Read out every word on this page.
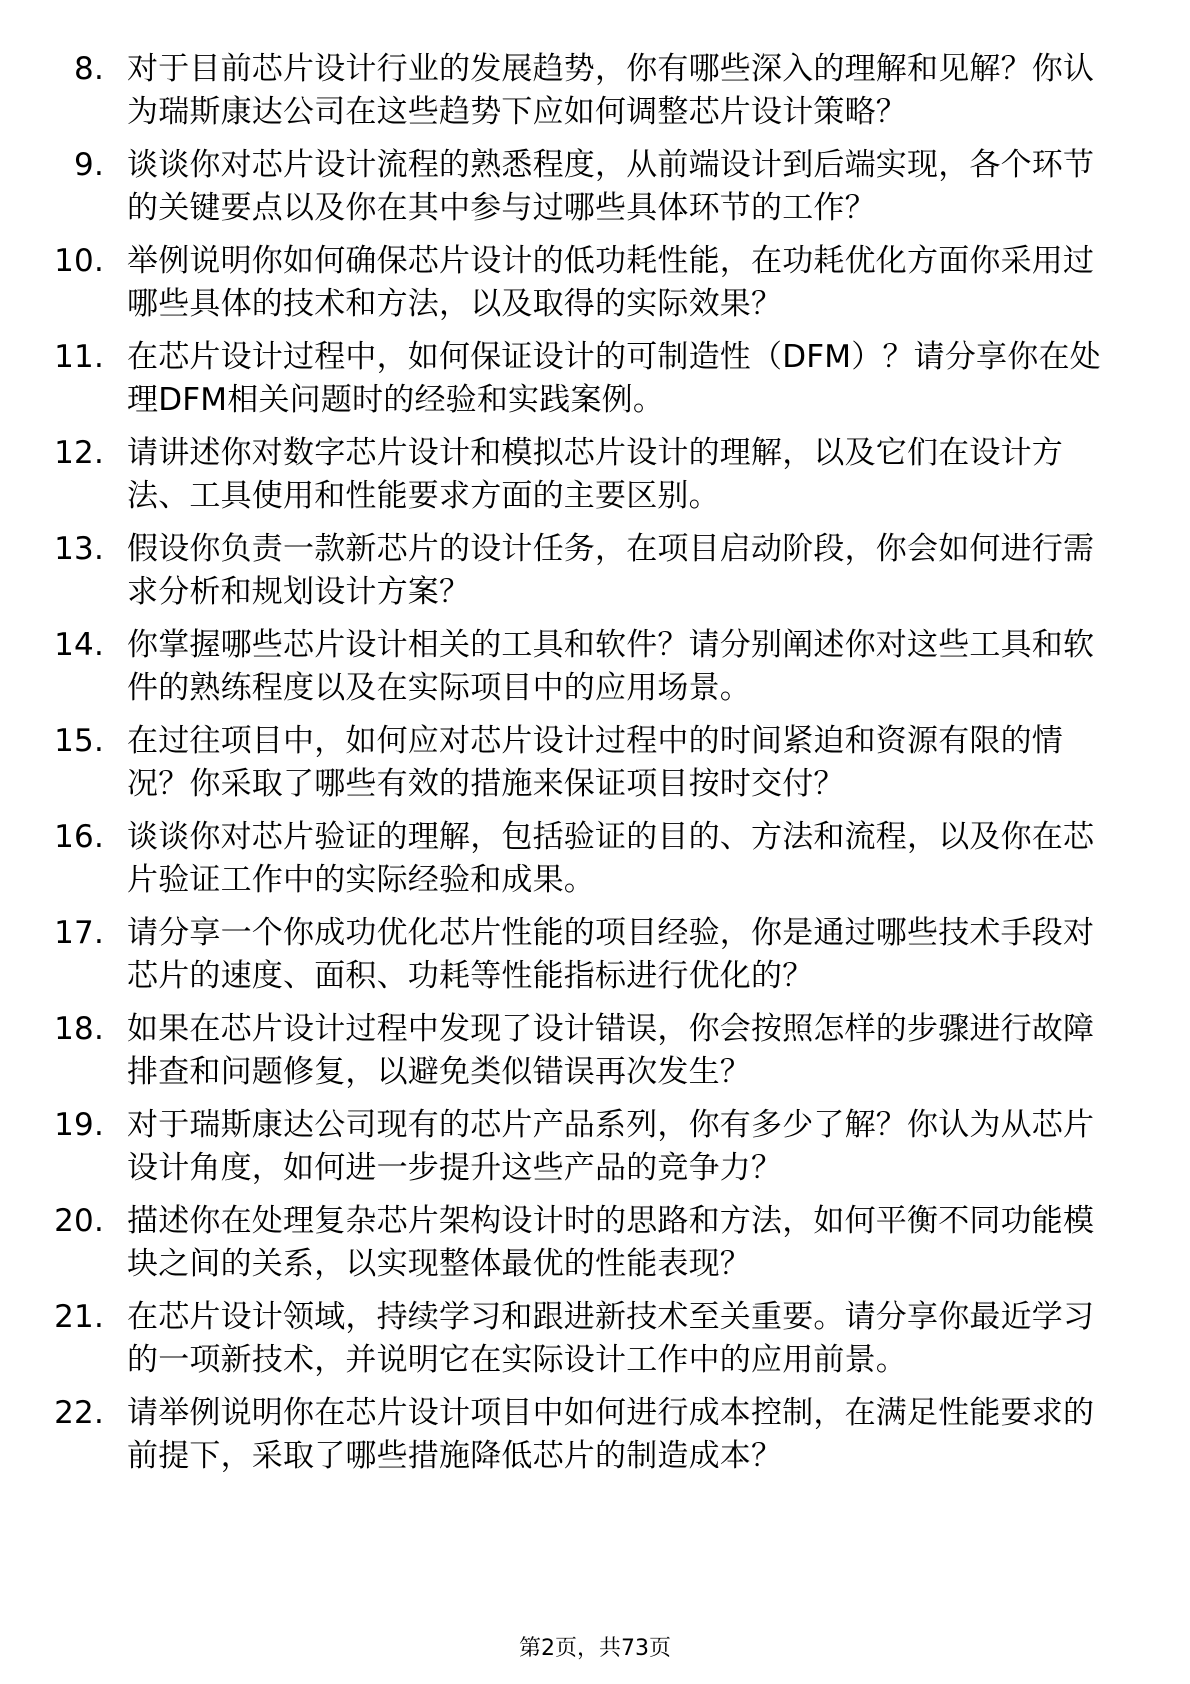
8. 对于目前芯片设计行业的发展趋势，你有哪些深入的理解和见解？你认为瑞斯康达公司在这些趋势下应如何调整芯片设计策略？
9. 谈谈你对芯片设计流程的熟悉程度，从前端设计到后端实现，各个环节的关键要点以及你在其中参与过哪些具体环节的工作？
10. 举例说明你如何确保芯片设计的低功耗性能，在功耗优化方面你采用过哪些具体的技术和方法，以及取得的实际效果？
11. 在芯片设计过程中，如何保证设计的可制造性（DFM）？请分享你在处理DFM相关问题时的经验和实践案例。
12. 请讲述你对数字芯片设计和模拟芯片设计的理解，以及它们在设计方法、工具使用和性能要求方面的主要区别。
13. 假设你负责一款新芯片的设计任务，在项目启动阶段，你会如何进行需求分析和规划设计方案？
14. 你掌握哪些芯片设计相关的工具和软件？请分别阐述你对这些工具和软件的熟练程度以及在实际项目中的应用场景。
15. 在过往项目中，如何应对芯片设计过程中的时间紧迫和资源有限的情况？你采取了哪些有效的措施来保证项目按时交付？
16. 谈谈你对芯片验证的理解，包括验证的目的、方法和流程，以及你在芯片验证工作中的实际经验和成果。
17. 请分享一个你成功优化芯片性能的项目经验，你是通过哪些技术手段对芯片的速度、面积、功耗等性能指标进行优化的？
18. 如果在芯片设计过程中发现了设计错误，你会按照怎样的步骤进行故障排查和问题修复，以避免类似错误再次发生？
19. 对于瑞斯康达公司现有的芯片产品系列，你有多少了解？你认为从芯片设计角度，如何进一步提升这些产品的竞争力？
20. 描述你在处理复杂芯片架构设计时的思路和方法，如何平衡不同功能模块之间的关系，以实现整体最优的性能表现？
21. 在芯片设计领域，持续学习和跟进新技术至关重要。请分享你最近学习的一项新技术，并说明它在实际设计工作中的应用前景。
22. 请举例说明你在芯片设计项目中如何进行成本控制，在满足性能要求的前提下，采取了哪些措施降低芯片的制造成本？
第2页，共73页
